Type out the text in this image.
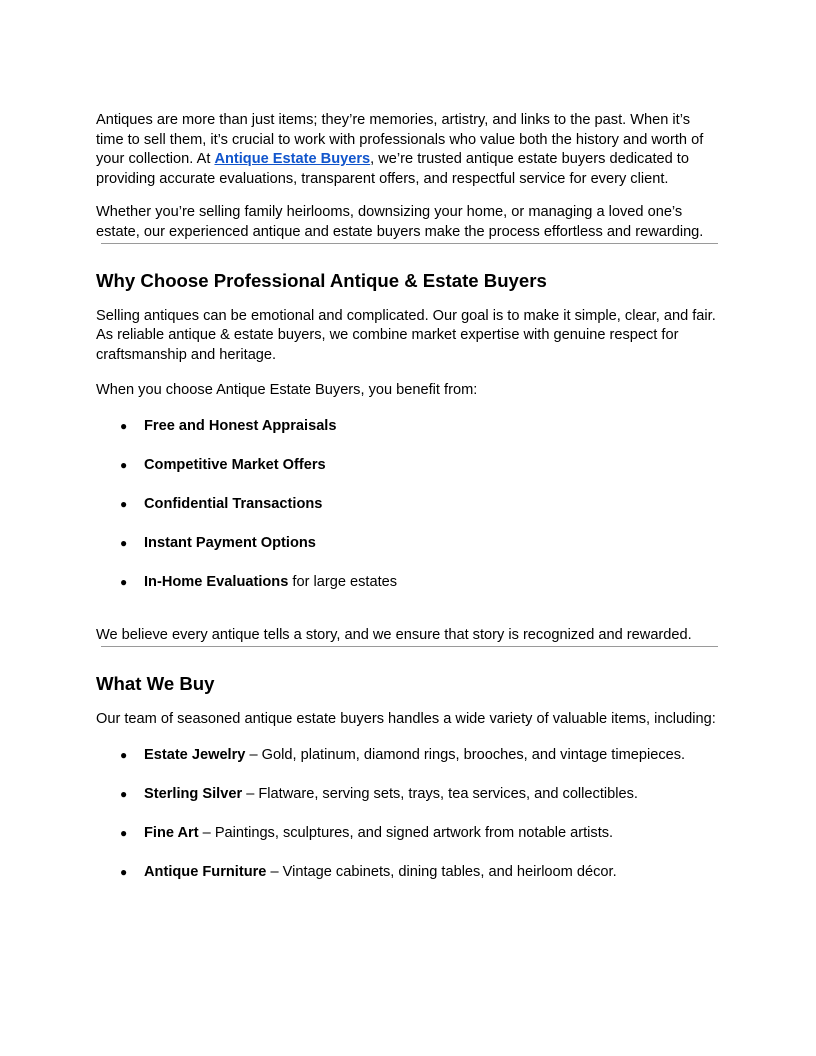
Antiques are more than just items; they’re memories, artistry, and links to the past. When it’s time to sell them, it’s crucial to work with professionals who value both the history and worth of your collection. At Antique Estate Buyers, we’re trusted antique estate buyers dedicated to providing accurate evaluations, transparent offers, and respectful service for every client.

Whether you’re selling family heirlooms, downsizing your home, or managing a loved one’s estate, our experienced antique and estate buyers make the process effortless and rewarding.

Why Choose Professional Antique & Estate Buyers

Selling antiques can be emotional and complicated. Our goal is to make it simple, clear, and fair. As reliable antique & estate buyers, we combine market expertise with genuine respect for craftsmanship and heritage.

When you choose Antique Estate Buyers, you benefit from:

● Free and Honest Appraisals
● Competitive Market Offers
● Confidential Transactions
● Instant Payment Options
● In-Home Evaluations for large estates

We believe every antique tells a story, and we ensure that story is recognized and rewarded.

What We Buy

Our team of seasoned antique estate buyers handles a wide variety of valuable items, including:

● Estate Jewelry – Gold, platinum, diamond rings, brooches, and vintage timepieces.
● Sterling Silver – Flatware, serving sets, trays, tea services, and collectibles.
● Fine Art – Paintings, sculptures, and signed artwork from notable artists.
● Antique Furniture – Vintage cabinets, dining tables, and heirloom décor.
